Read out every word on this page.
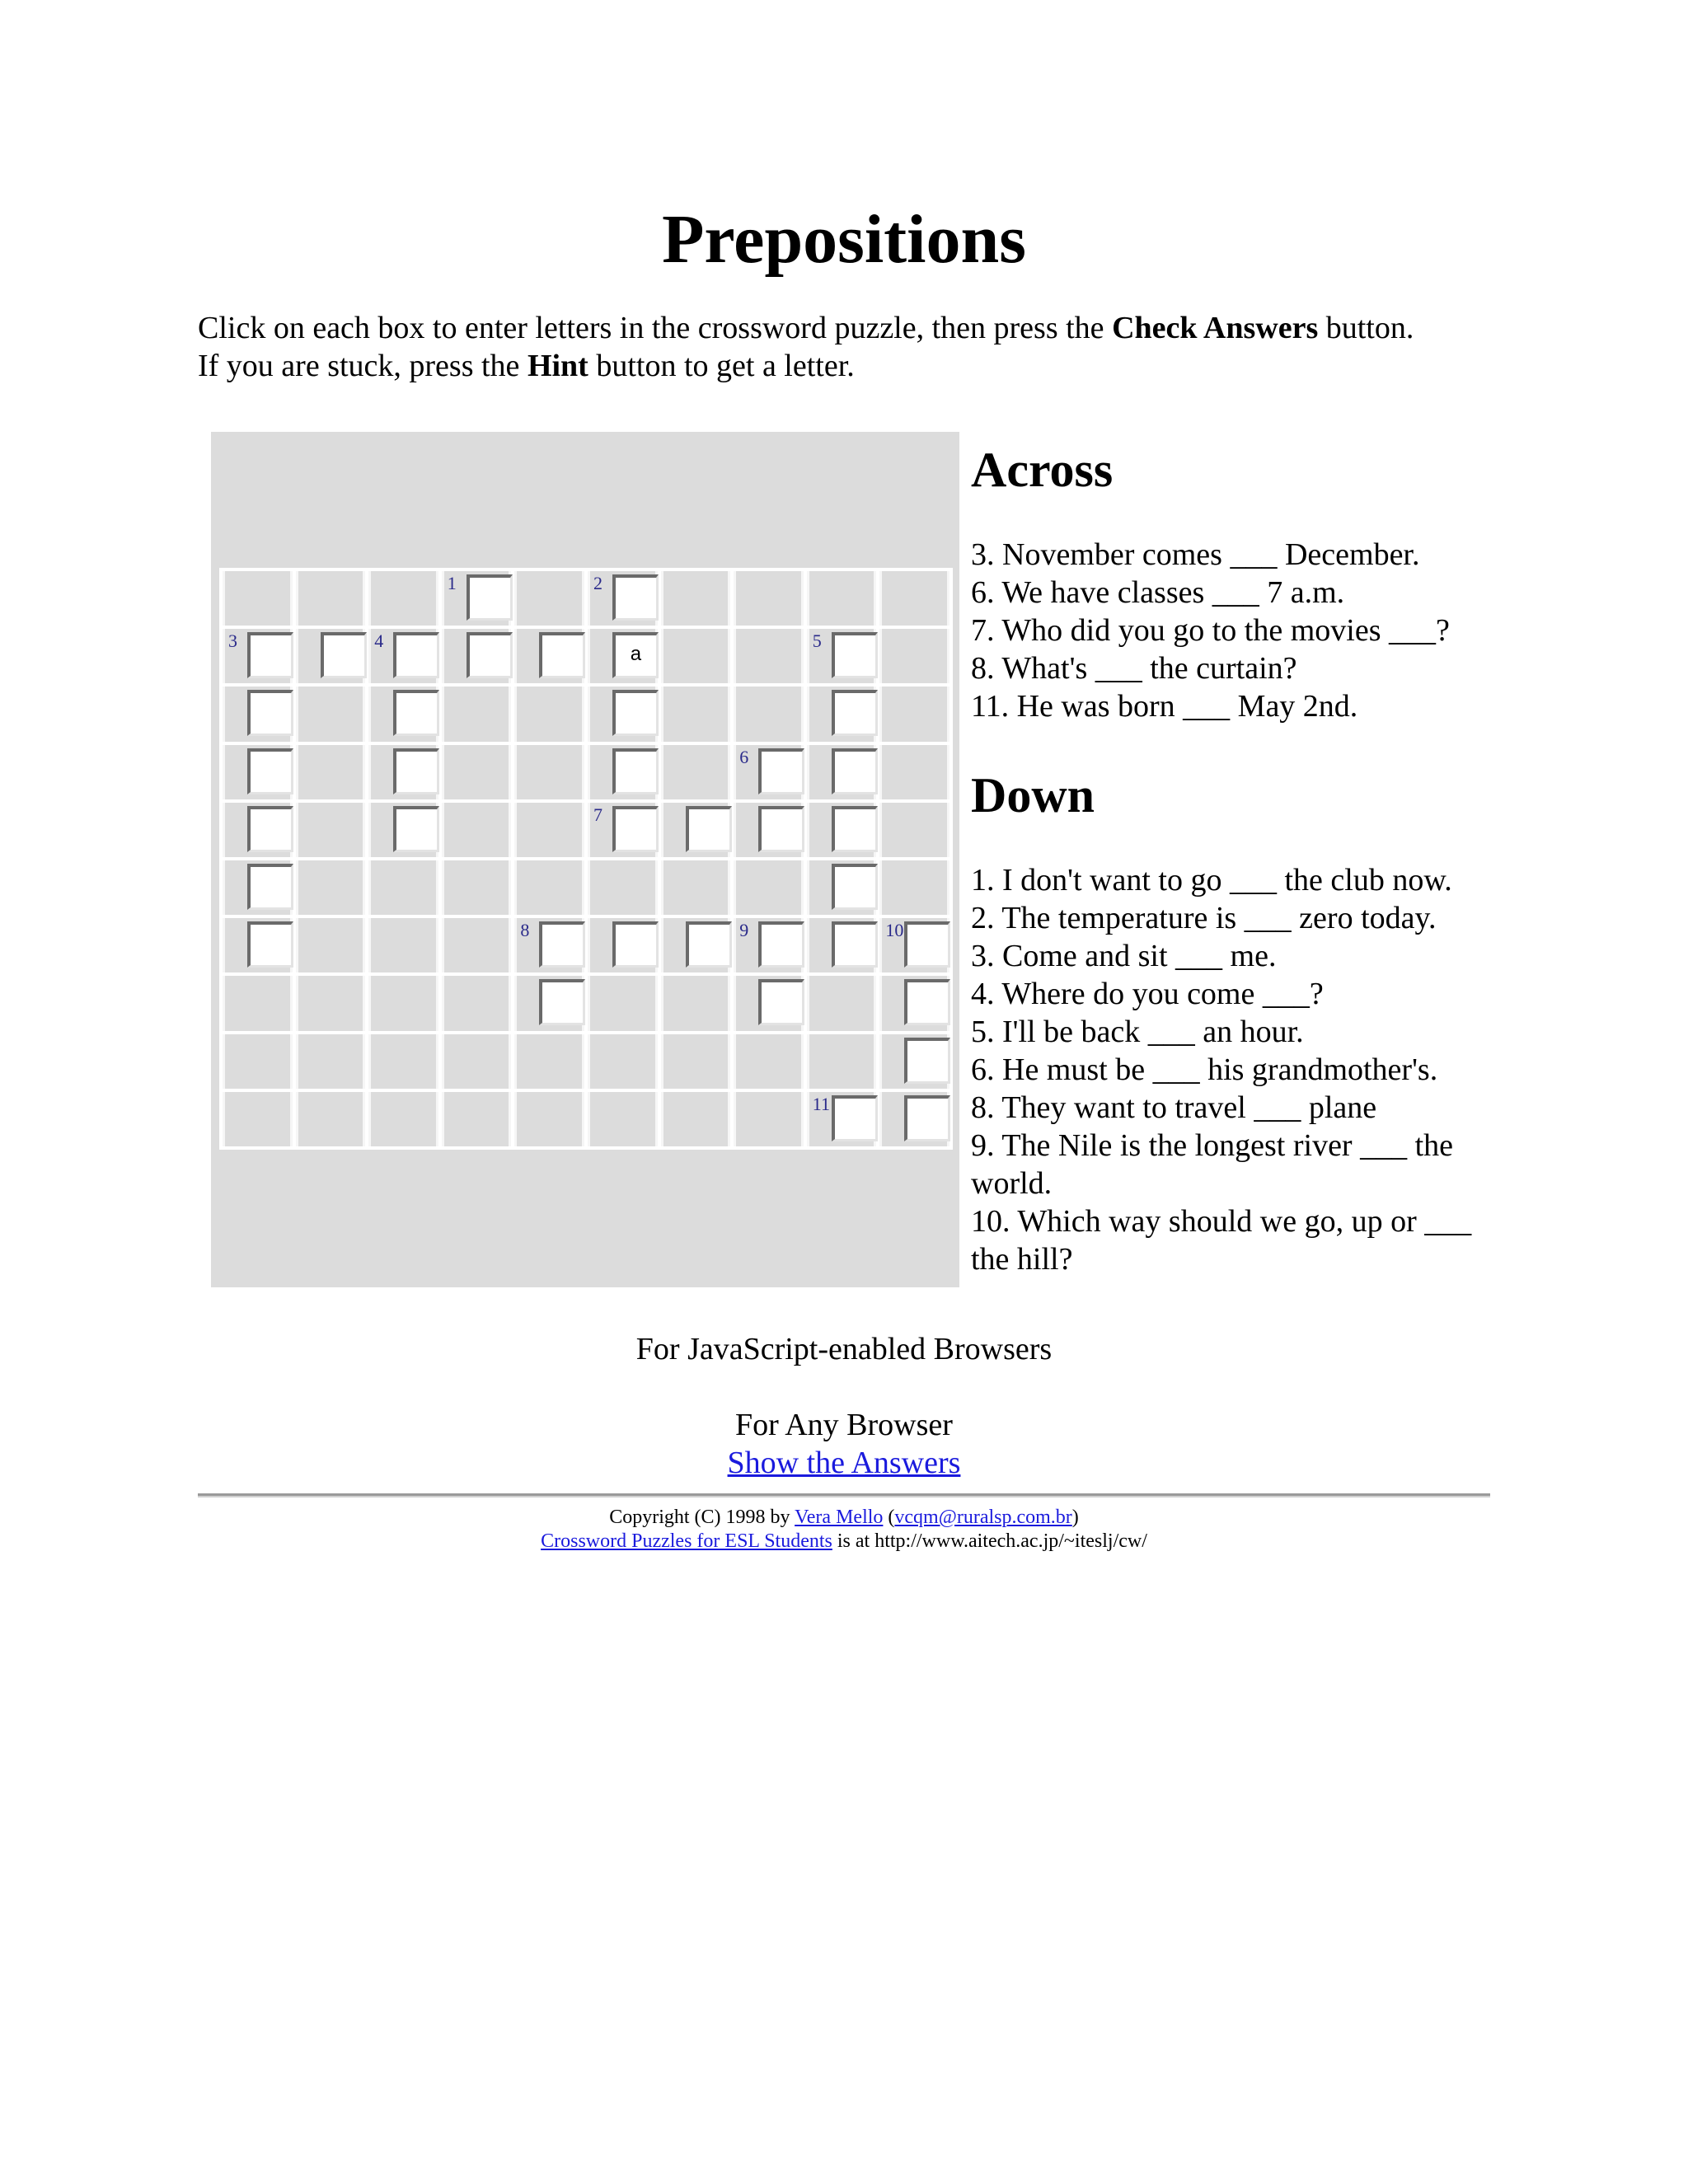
Prepositions
Click on each box to enter letters in the crossword puzzle, then press the Check Answers button.
If you are stuck, press the Hint button to get a letter.
1	2
3	4
a
5
6
7
8	9	10
11
Across
3. November comes ___ December.
6. We have classes ___ 7 a.m.
7. Who did you go to the movies ___?
8. What's ___ the curtain?
11. He was born ___ May 2nd.
Down
1. I don't want to go ___ the club now.
2. The temperature is ___ zero today.
3. Come and sit ___ me.
4. Where do you come ___?
5. I'll be back ___ an hour.
6. He must be ___ his grandmother's.
8. They want to travel ___ plane
9. The Nile is the longest river ___ the world.
10. Which way should we go, up or ___ the hill?
For JavaScript-enabled Browsers
For Any Browser
Show the Answers
Copyright (C) 1998 by Vera Mello (vcqm@ruralsp.com.br)
Crossword Puzzles for ESL Students is at http://www.aitech.ac.jp/~iteslj/cw/
